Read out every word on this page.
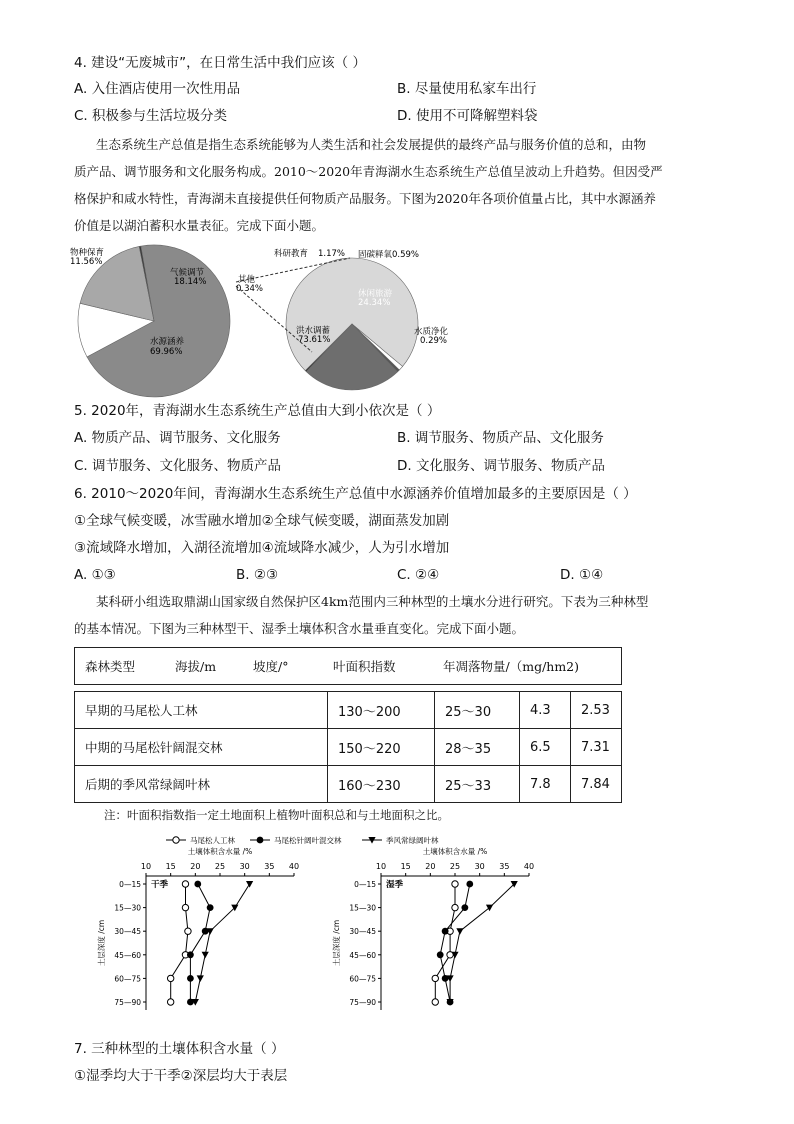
4. 建设“无废城市”，在日常生活中我们应该（ ）
A. 入住酒店使用一次性用品	B. 尽量使用私家车出行
C. 积极参与生活垃圾分类	D. 使用不可降解塑料袋
生态系统生产总值是指生态系统能够为人类生活和社会发展提供的最终产品与服务价值的总和，由物
质产品、调节服务和文化服务构成。2010～2020年青海湖水生态系统生产总值呈波动上升趋势。但因受严
格保护和咸水特性，青海湖未直接提供任何物质产品服务。下图为2020年各项价值量占比，其中水源涵养
价值是以湖泊蓄积水量表征。完成下面小题。
物种保育
11.56%
气候调节
18.14%	其他
0.34%
水源涵养
69.96%
科研教育 1.17% 固碳释氧 0.59%
休闲旅游
24.34%
洪水调蓄
73.61%
水质净化
0.29%
5. 2020年，青海湖水生态系统生产总值由大到小依次是（ ）
A. 物质产品、调节服务、文化服务	B. 调节服务、物质产品、文化服务
C. 调节服务、文化服务、物质产品	D. 文化服务、调节服务、物质产品
6. 2010～2020年间，青海湖水生态系统生产总值中水源涵养价值增加最多的主要原因是（ ）
①全球气候变暖，冰雪融水增加②全球气候变暖，湖面蒸发加剧
③流域降水增加，入湖径流增加④流域降水减少，人为引水增加
A. ①③	B. ②③	C. ②④	D. ①④
某科研小组选取鼎湖山国家级自然保护区4km范围内三种林型的土壤水分进行研究。下表为三种林型
的基本情况。下图为三种林型干、湿季土壤体积含水量垂直变化。完成下面小题。
森林类型	海拔/m	坡度/°	叶面积指数	年凋落物量/（mg/hm2)
早期的马尾松人工林	130～200	25～30	4.3	2.53
中期的马尾松针阔混交林	150～220	28～35	6.5	7.31
后期的季风常绿阔叶林	160～230	25～33	7.8	7.84
注：叶面积指数指一定土地面积上植物叶面积总和与土地面积之比。
马尾松人工林	马尾松针阔叶混交林	季风常绿阔叶林
土壤体积含水量 /%
10 15 20 25 30 35 40
0—15
15—30
30—45
45—60
60—75
75—90
土层深度 /cm
干季
土壤体积含水量 /%
10 15 20 25 30 35 40
0—15
15—30
30—45
45—60
60—75
75—90
土层深度 /cm
湿季
7. 三种林型的土壤体积含水量（ ）
①湿季均大于干季②深层均大于表层
